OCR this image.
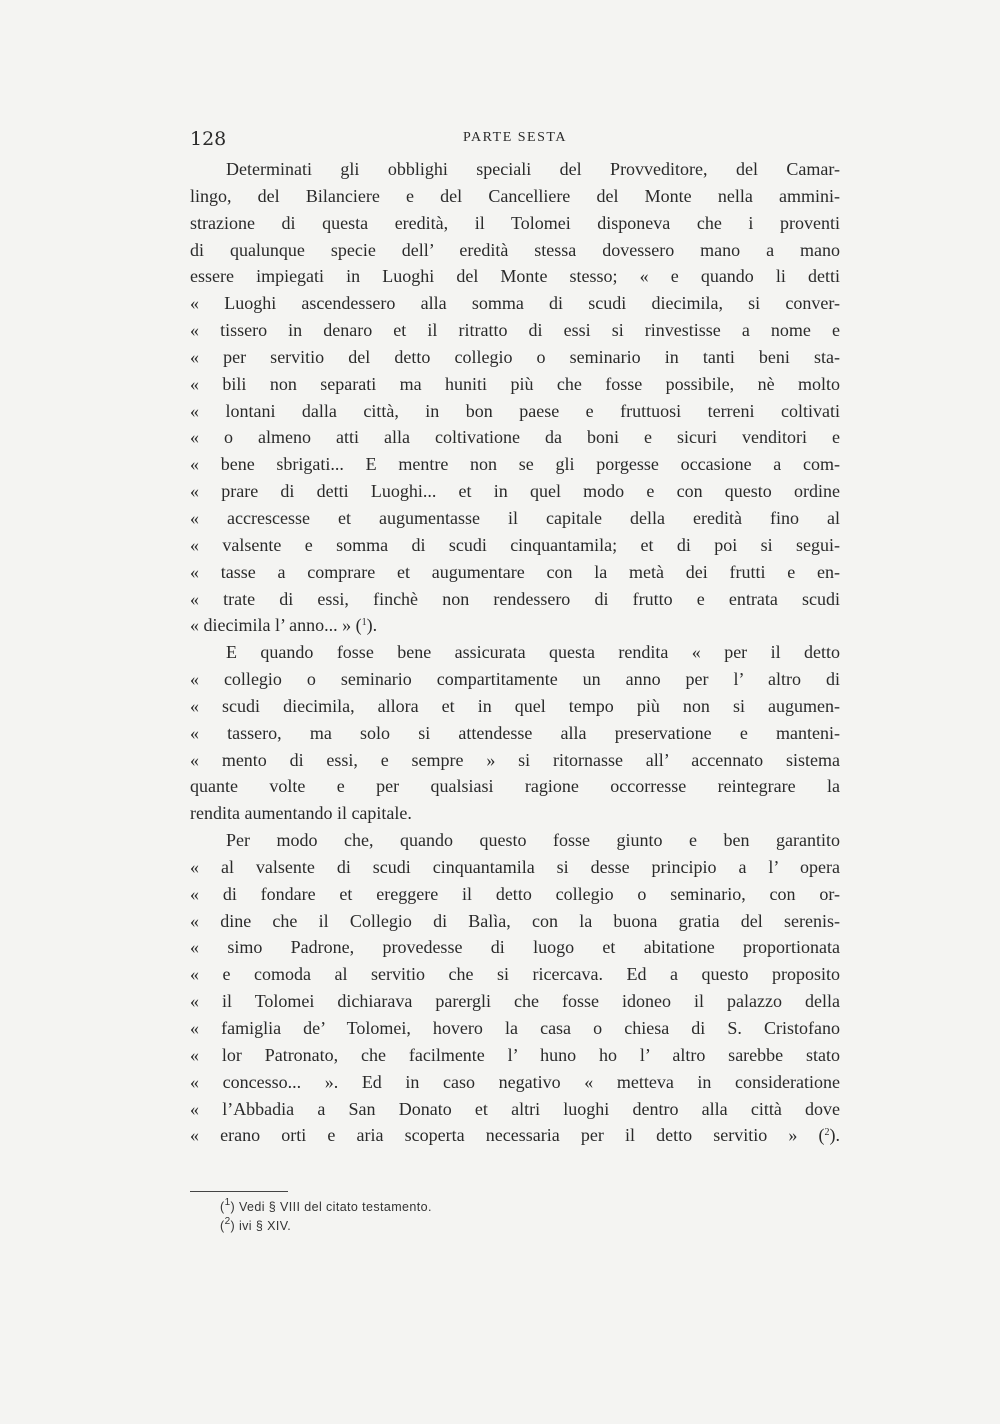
128	PARTE SESTA
Determinati gli obblighi speciali del Provveditore, del Camar-
lingo, del Bilanciere e del Cancelliere del Monte nella ammini-
strazione di questa eredità, il Tolomei disponeva che i proventi
di qualunque specie dell’ eredità stessa dovessero mano a mano
essere impiegati in Luoghi del Monte stesso; « e quando li detti
« Luoghi ascendessero alla somma di scudi diecimila, si conver-
« tissero in denaro et il ritratto di essi si rinvestisse a nome e
« per servitio del detto collegio o seminario in tanti beni sta-
« bili non separati ma huniti più che fosse possibile, nè molto
« lontani dalla città, in bon paese e fruttuosi terreni coltivati
« o almeno atti alla coltivatione da boni e sicuri venditori e
« bene sbrigati... E mentre non se gli porgesse occasione a com-
« prare di detti Luoghi... et in quel modo e con questo ordine
« accrescesse et augumentasse il capitale della eredità fino al
« valsente e somma di scudi cinquantamila; et di poi si segui-
« tasse a comprare et augumentare con la metà dei frutti e en-
« trate di essi, finchè non rendessero di frutto e entrata scudi
« diecimila l’ anno... » ($^1$).
E quando fosse bene assicurata questa rendita « per il detto
« collegio o seminario compartitamente un anno per l’ altro di
« scudi diecimila, allora et in quel tempo più non si augumen-
« tassero, ma solo si attendesse alla preservatione e manteni-
« mento di essi, e sempre » si ritornasse all’ accennato sistema
quante volte e per qualsiasi ragione occorresse reintegrare la
rendita aumentando il capitale.
Per modo che, quando questo fosse giunto e ben garantito
« al valsente di scudi cinquantamila si desse principio a l’ opera
« di fondare et ereggere il detto collegio o seminario, con or-
« dine che il Collegio di Balìa, con la buona gratia del serenis-
« simo Padrone, provedesse di luogo et abitatione proportionata
« e comoda al servitio che si ricercava. Ed a questo proposito
« il Tolomei dichiarava parergli che fosse idoneo il palazzo della
« famiglia de’ Tolomei, hovero la casa o chiesa di S. Cristofano
« lor Patronato, che facilmente l’ huno ho l’ altro sarebbe stato
« concesso... ». Ed in caso negativo « metteva in consideratione
« l’Abbadia a San Donato et altri luoghi dentro alla città dove
« erano orti e aria scoperta necessaria per il detto servitio » ($^2$).
($^1$) Vedi § VIII del citato testamento.
($^2$) ivi § XIV.
